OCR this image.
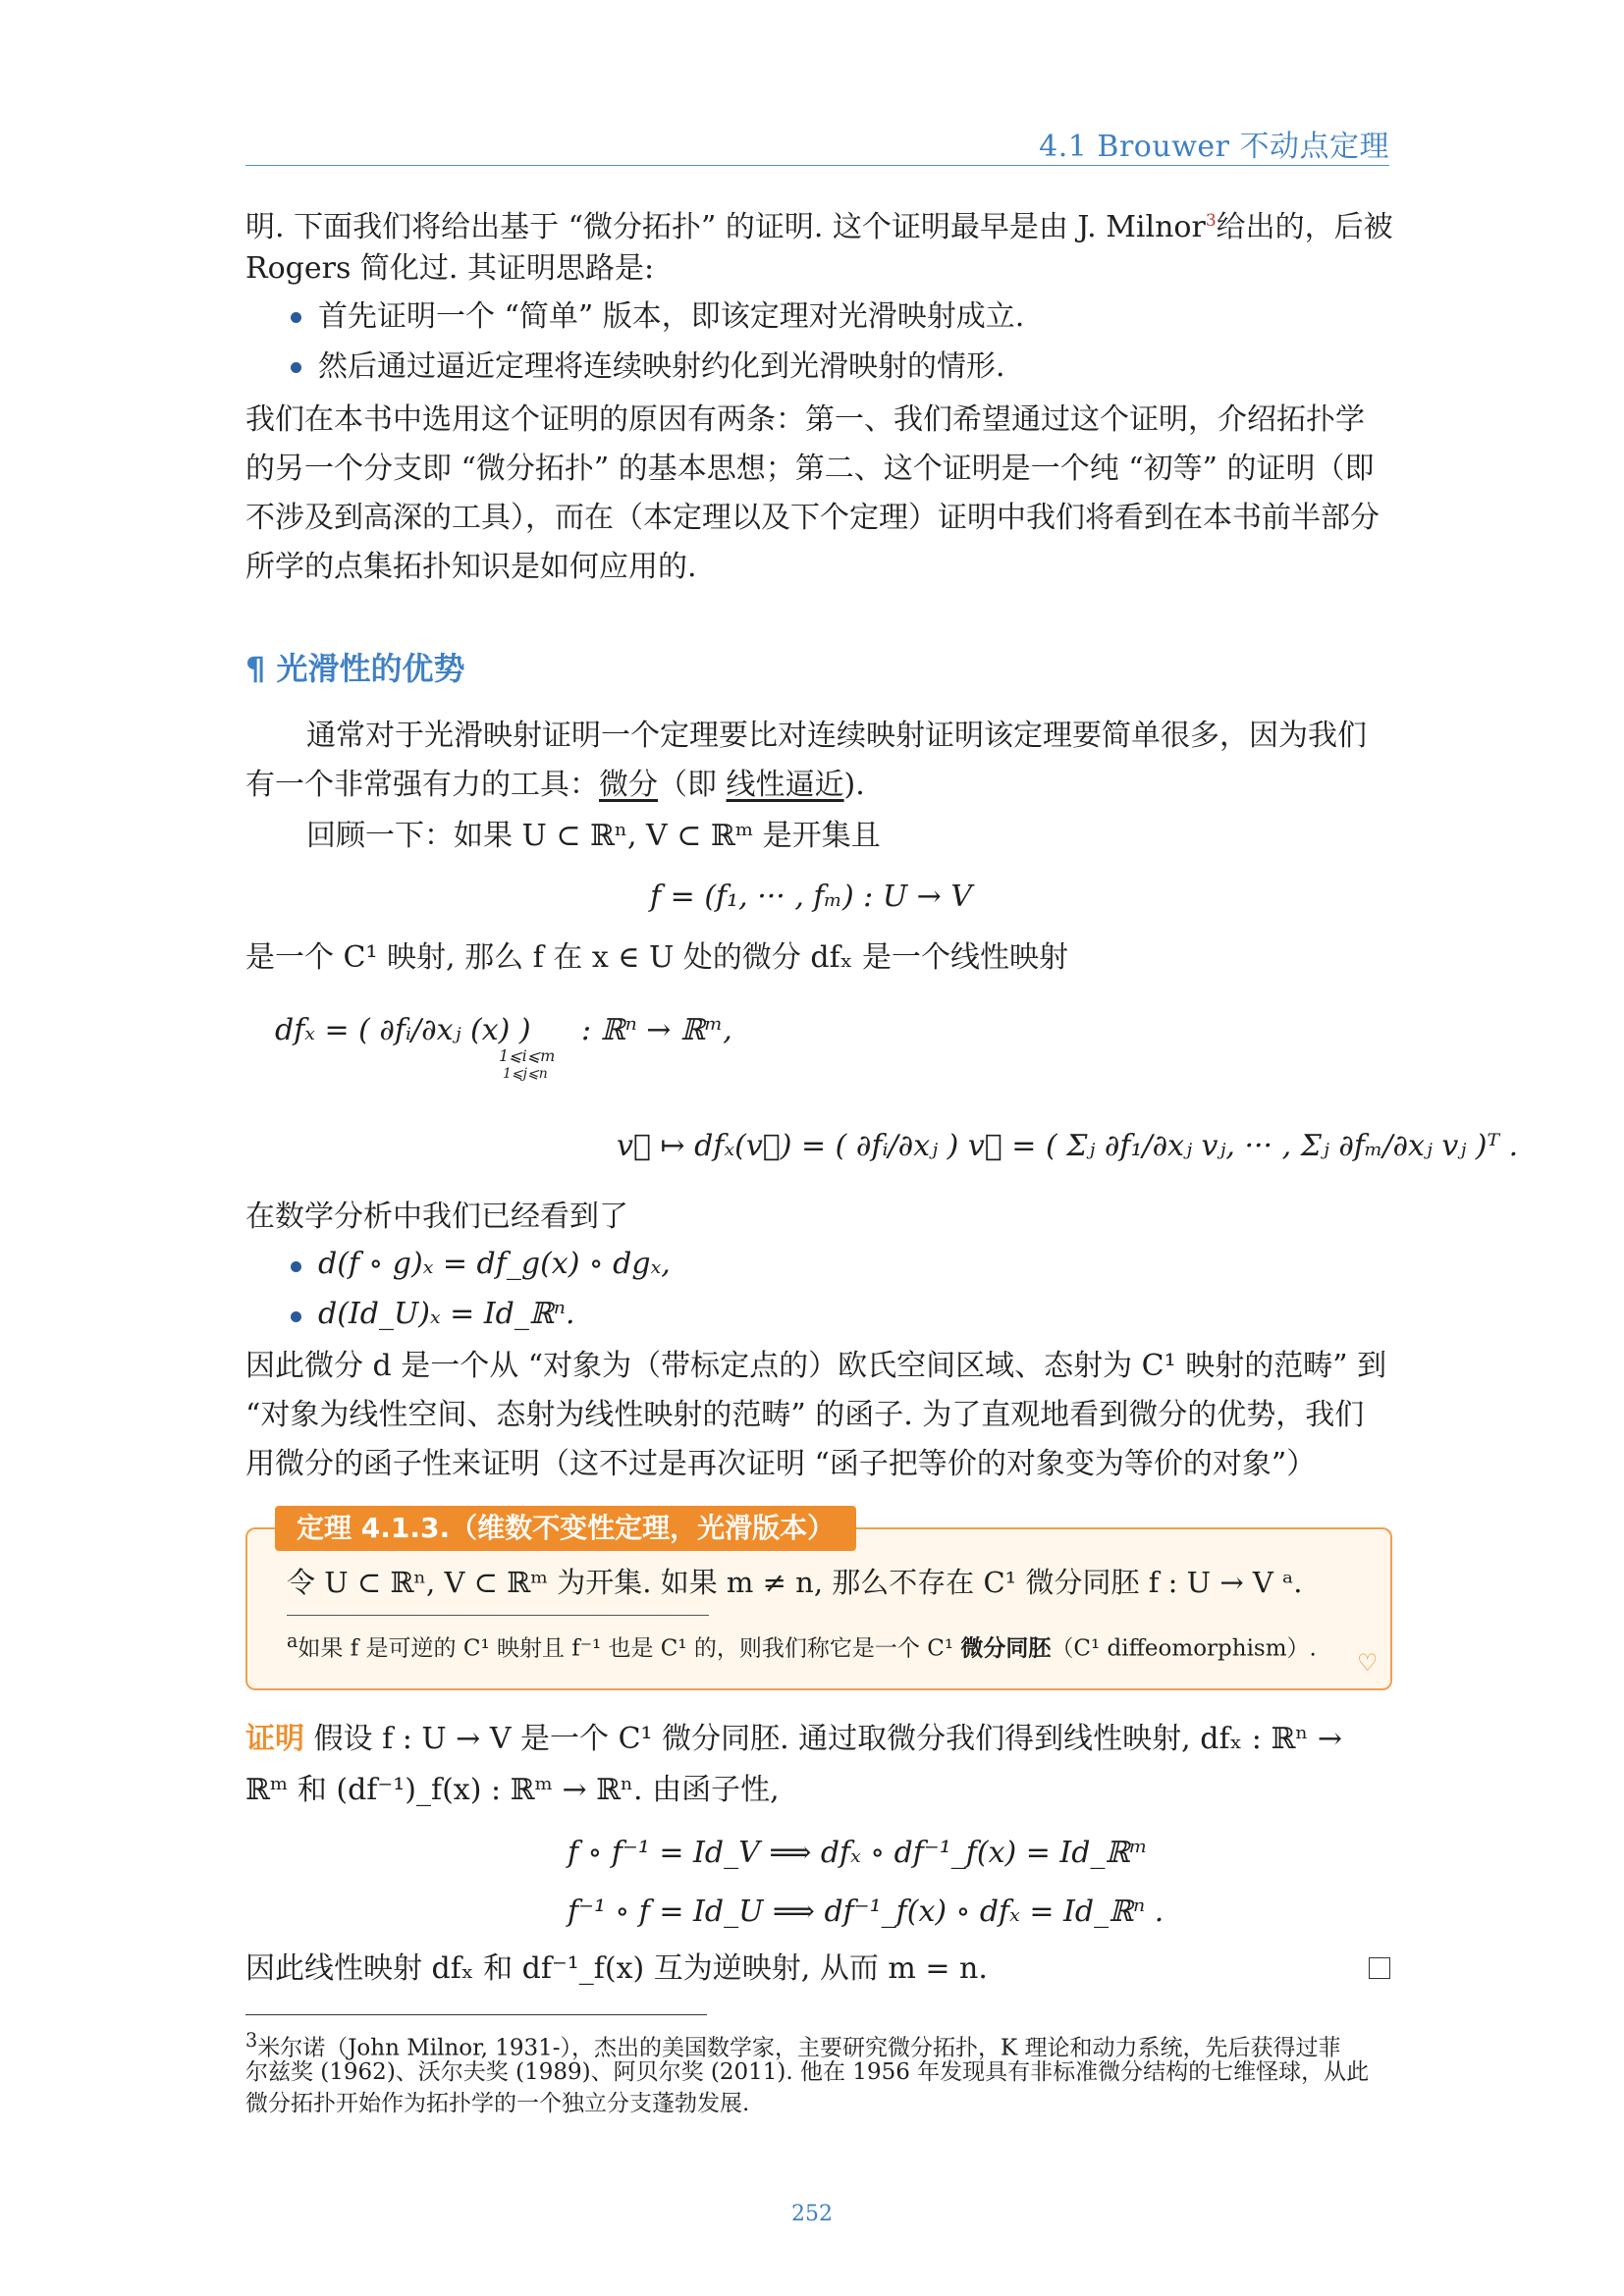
4.1 Brouwer 不动点定理
明. 下面我们将给出基于 “微分拓扑” 的证明. 这个证明最早是由 J. Milnor$^3$给出的，后被
Rogers 简化过. 其证明思路是:
首先证明一个 “简单” 版本，即该定理对光滑映射成立.
然后通过逼近定理将连续映射约化到光滑映射的情形.
我们在本书中选用这个证明的原因有两条：第一、我们希望通过这个证明，介绍拓扑学
的另一个分支即 “微分拓扑” 的基本思想；第二、这个证明是一个纯 “初等” 的证明（即
不涉及到高深的工具），而在（本定理以及下个定理）证明中我们将看到在本书前半部分
所学的点集拓扑知识是如何应用的.
¶ 光滑性的优势
通常对于光滑映射证明一个定理要比对连续映射证明该定理要简单很多，因为我们
有一个非常强有力的工具：微分（即 线性逼近).
回顾一下：如果 U ⊂ ℝⁿ, V ⊂ ℝᵐ 是开集且
f = (f₁, ··· , fₘ) : U → V
是一个 C¹ 映射, 那么 f 在 x ∈ U 处的微分 dfₓ 是一个线性映射
dfₓ = ( ∂fᵢ/∂xⱼ (x) )
1⩽i⩽m
1⩽j⩽n
: ℝⁿ → ℝᵐ,
v⃗ ↦ dfₓ(v⃗) = ( ∂fᵢ/∂xⱼ ) v⃗ = ( Σⱼ ∂f₁/∂xⱼ vⱼ, ··· , Σⱼ ∂fₘ/∂xⱼ vⱼ )ᵀ .
在数学分析中我们已经看到了
d(f ∘ g)ₓ = df_g(x) ∘ dgₓ,
d(Id_U)ₓ = Id_ℝⁿ.
因此微分 d 是一个从 “对象为（带标定点的）欧氏空间区域、态射为 C¹ 映射的范畴” 到
“对象为线性空间、态射为线性映射的范畴” 的函子. 为了直观地看到微分的优势，我们
用微分的函子性来证明（这不过是再次证明 “函子把等价的对象变为等价的对象”）
定理 4.1.3.（维数不变性定理，光滑版本）
令 U ⊂ ℝⁿ, V ⊂ ℝᵐ 为开集. 如果 m ≠ n, 那么不存在 C¹ 微分同胚 f : U → V ᵃ.
$^a$如果 f 是可逆的 C¹ 映射且 f⁻¹ 也是 C¹ 的，则我们称它是一个 C¹ 微分同胚（C¹ diffeomorphism）.
♡
证明 假设 f : U → V 是一个 C¹ 微分同胚. 通过取微分我们得到线性映射, dfₓ : ℝⁿ →
ℝᵐ 和 (df⁻¹)_f(x) : ℝᵐ → ℝⁿ. 由函子性,
f ∘ f⁻¹ = Id_V ⟹ dfₓ ∘ df⁻¹_f(x) = Id_ℝᵐ
f⁻¹ ∘ f = Id_U ⟹ df⁻¹_f(x) ∘ dfₓ = Id_ℝⁿ .
因此线性映射 dfₓ 和 df⁻¹_f(x) 互为逆映射, 从而 m = n.
$^3$米尔诺（John Milnor, 1931-），杰出的美国数学家，主要研究微分拓扑，K 理论和动力系统，先后获得过菲
尔兹奖 (1962)、沃尔夫奖 (1989)、阿贝尔奖 (2011). 他在 1956 年发现具有非标准微分结构的七维怪球，从此
微分拓扑开始作为拓扑学的一个独立分支蓬勃发展.
252
